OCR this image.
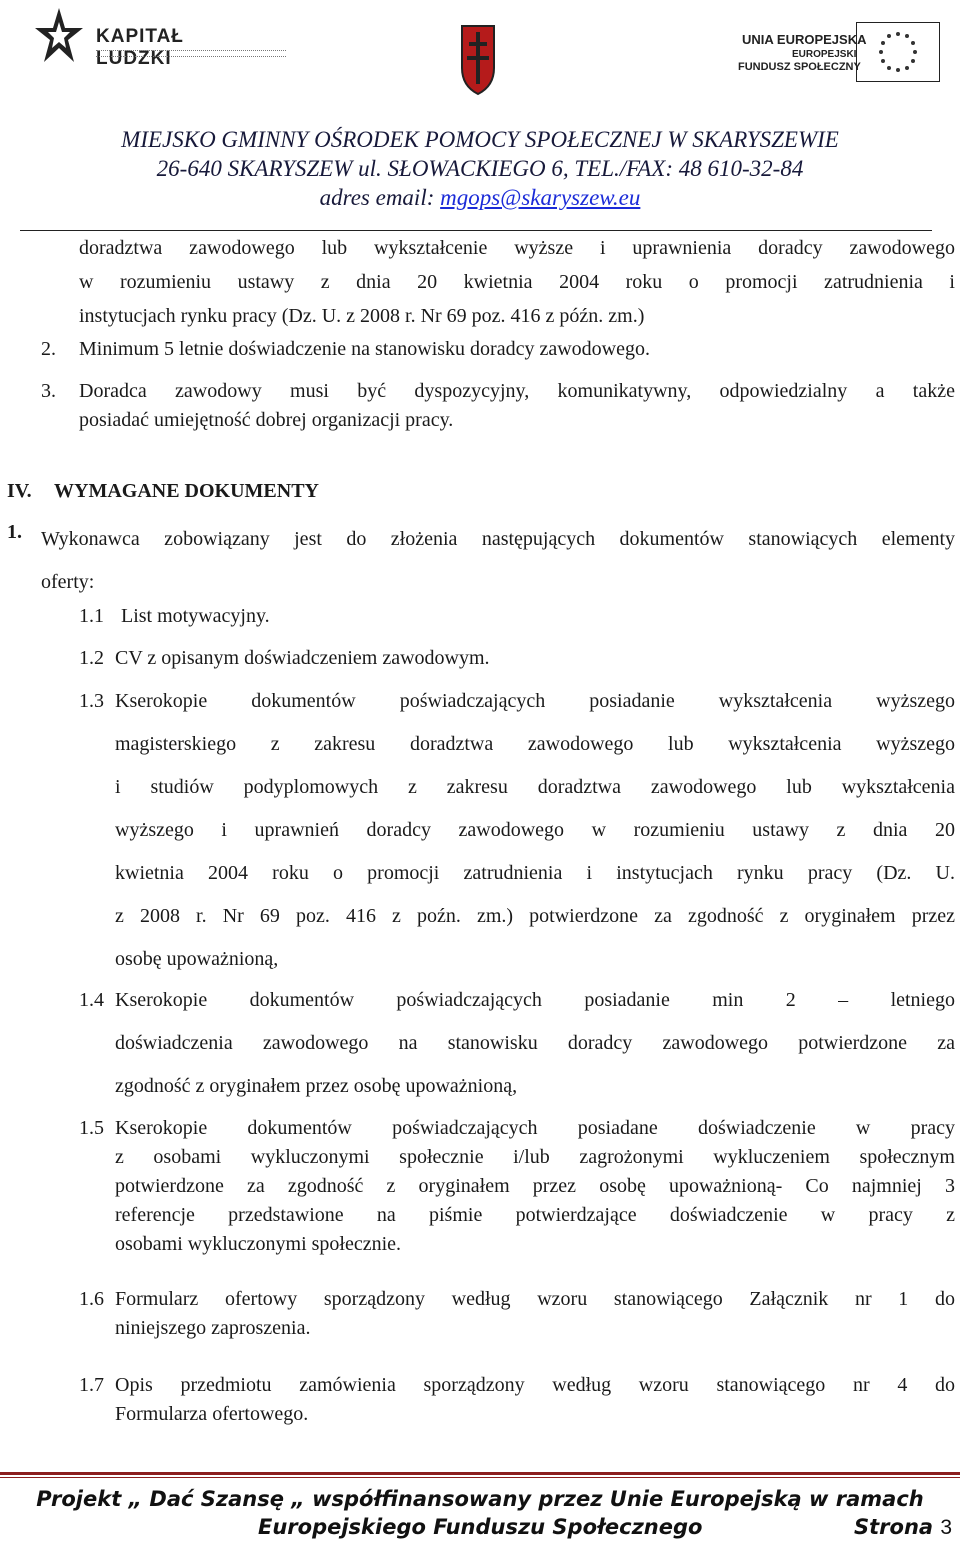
KAPITAŁ LUDZKI
UNIA EUROPEJSKA
EUROPEJSKI
FUNDUSZ SPOŁECZNY
MIEJSKO GMINNY OŚRODEK POMOCY SPOŁECZNEJ W SKARYSZEWIE
26-640 SKARYSZEW ul. SŁOWACKIEGO 6, TEL./FAX: 48 610-32-84
adres email: mgops@skaryszew.eu
doradztwa zawodowego lub wykształcenie wyższe i uprawnienia doradcy zawodowego
w rozumieniu ustawy z dnia 20 kwietnia 2004 roku o promocji zatrudnienia i
instytucjach rynku pracy (Dz. U. z 2008 r. Nr 69 poz. 416 z późn. zm.)
2. Minimum 5 letnie doświadczenie na stanowisku doradcy zawodowego.
3. Doradca zawodowy musi być dyspozycyjny, komunikatywny, odpowiedzialny a także
posiadać umiejętność dobrej organizacji pracy.
IV. WYMAGANE DOKUMENTY
1. Wykonawca zobowiązany jest do złożenia następujących dokumentów stanowiących elementy
oferty:
1.1 List motywacyjny.
1.2 CV z opisanym doświadczeniem zawodowym.
1.3 Kserokopie dokumentów poświadczających posiadanie wykształcenia wyższego
magisterskiego z zakresu doradztwa zawodowego lub wykształcenia wyższego
i studiów podyplomowych z zakresu doradztwa zawodowego lub wykształcenia
wyższego i uprawnień doradcy zawodowego w rozumieniu ustawy z dnia 20
kwietnia 2004 roku o promocji zatrudnienia i instytucjach rynku pracy (Dz. U.
z 2008 r. Nr 69 poz. 416 z poźn. zm.) potwierdzone za zgodność z oryginałem przez
osobę upoważnioną,
1.4 Kserokopie dokumentów poświadczających posiadanie min 2 – letniego
doświadczenia zawodowego na stanowisku doradcy zawodowego potwierdzone za
zgodność z oryginałem przez osobę upoważnioną,
1.5 Kserokopie dokumentów poświadczających posiadane doświadczenie w pracy
z osobami wykluczonymi społecznie i/lub zagrożonymi wykluczeniem społecznym
potwierdzone za zgodność z oryginałem przez osobę upoważnioną- Co najmniej 3
referencje przedstawione na piśmie potwierdzające doświadczenie w pracy z
osobami wykluczonymi społecznie.
1.6 Formularz ofertowy sporządzony według wzoru stanowiącego Załącznik nr 1 do
niniejszego zaproszenia.
1.7 Opis przedmiotu zamówienia sporządzony według wzoru stanowiącego nr 4 do
Formularza ofertowego.
Projekt „ Dać Szansę „ współfinansowany przez Unie Europejską w ramach
Europejskiego Funduszu Społecznego	Strona 3
